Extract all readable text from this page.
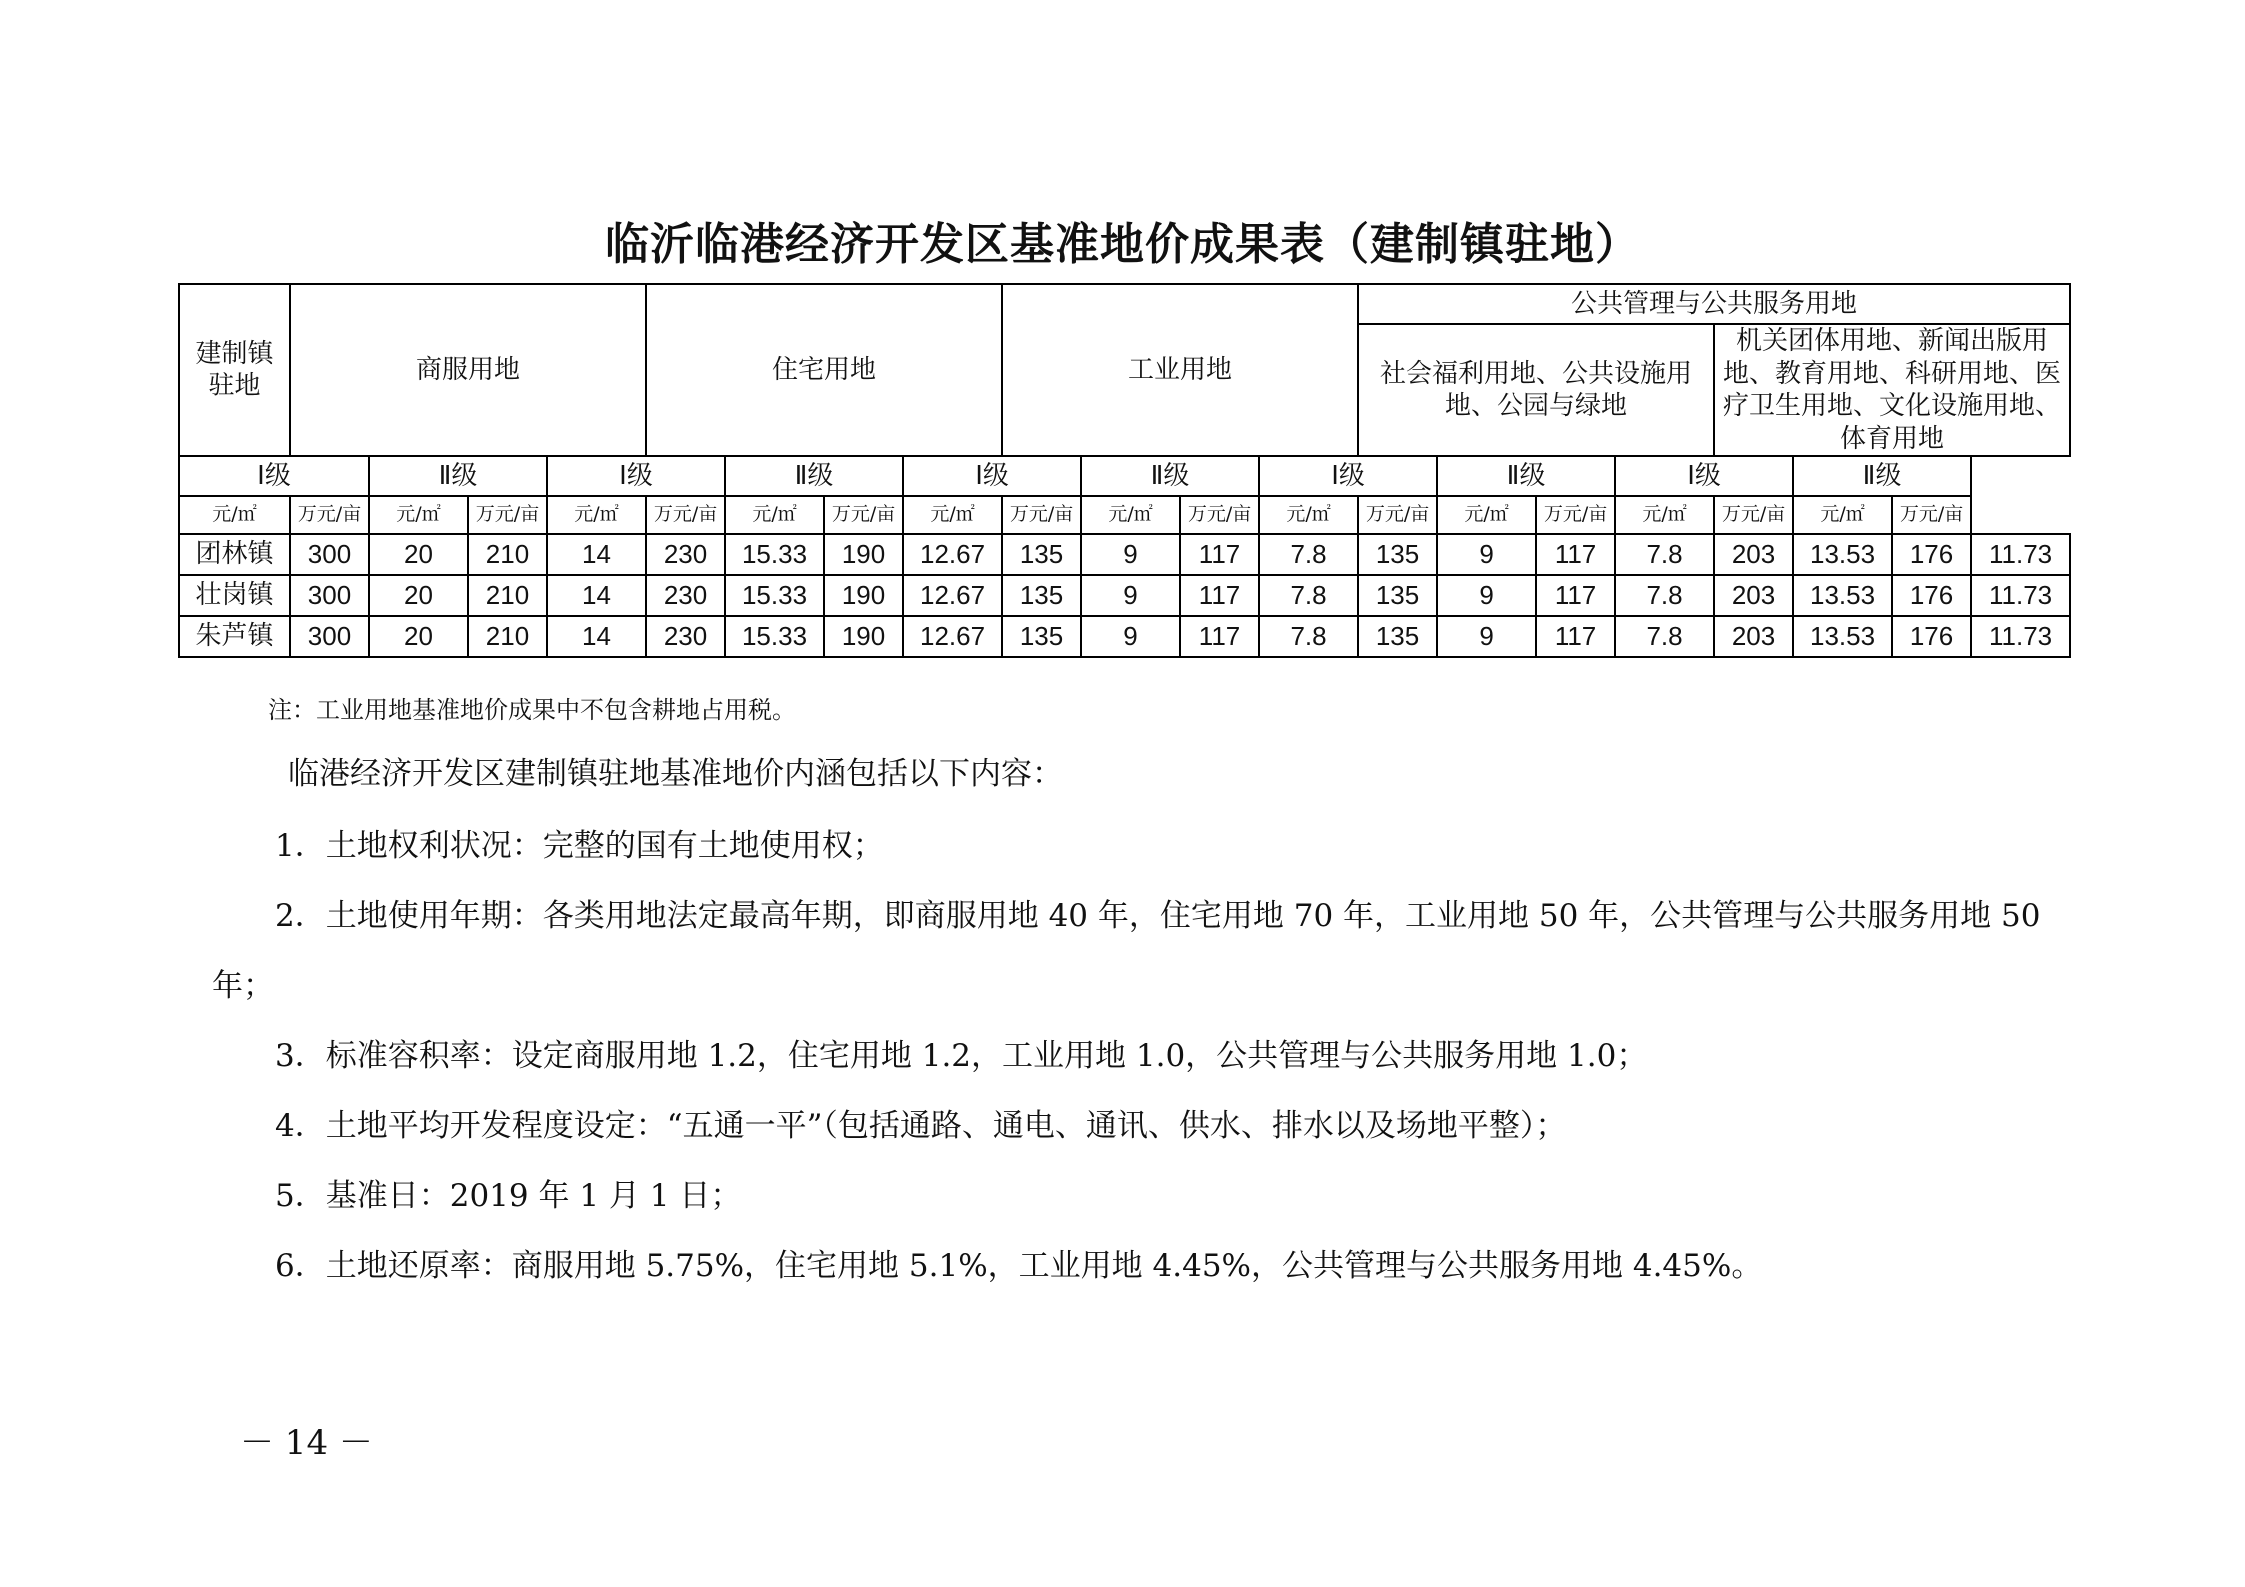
临沂临港经济开发区基准地价成果表（建制镇驻地）
建制镇驻地	商服用地				住宅用地				工业用地				公共管理与公共服务用地							

													社会福利用地、公共设施用地、公园与绿地				机关团体用地、新闻出版用地、教育用地、科研用地、医疗卫生用地、文化设施用地、体育用地			

Ⅰ级		Ⅱ级		Ⅰ级		Ⅱ级		Ⅰ级		Ⅱ级		Ⅰ级		Ⅱ级		Ⅰ级		Ⅱ级		
元/㎡	万元/亩	元/㎡	万元/亩	元/㎡	万元/亩	元/㎡	万元/亩	元/㎡	万元/亩	元/㎡	万元/亩	元/㎡	万元/亩	元/㎡	万元/亩	元/㎡	万元/亩	元/㎡	万元/亩	
团林镇	300	20	210	14	230	15.33	190	12.67	135	9	117	7.8	135	9	117	7.8	203	13.53	176	11.73
壮岗镇	300	20	210	14	230	15.33	190	12.67	135	9	117	7.8	135	9	117	7.8	203	13.53	176	11.73
朱芦镇	300	20	210	14	230	15.33	190	12.67	135	9	117	7.8	135	9	117	7.8	203	13.53	176	11.73
注：工业用地基准地价成果中不包含耕地占用税。
临港经济开发区建制镇驻地基准地价内涵包括以下内容：
1．土地权利状况：完整的国有土地使用权；
2．土地使用年期：各类用地法定最高年期，即商服用地 40 年，住宅用地 70 年，工业用地 50 年，公共管理与公共服务用地 50
年；
3．标准容积率：设定商服用地 1.2，住宅用地 1.2，工业用地 1.0，公共管理与公共服务用地 1.0；
4．土地平均开发程度设定：“五通一平”（包括通路、通电、通讯、供水、排水以及场地平整）；
5．基准日：2019 年 1 月 1 日；
6．土地还原率：商服用地 5.75%，住宅用地 5.1%，工业用地 4.45%，公共管理与公共服务用地 4.45%。
－ 14 －
